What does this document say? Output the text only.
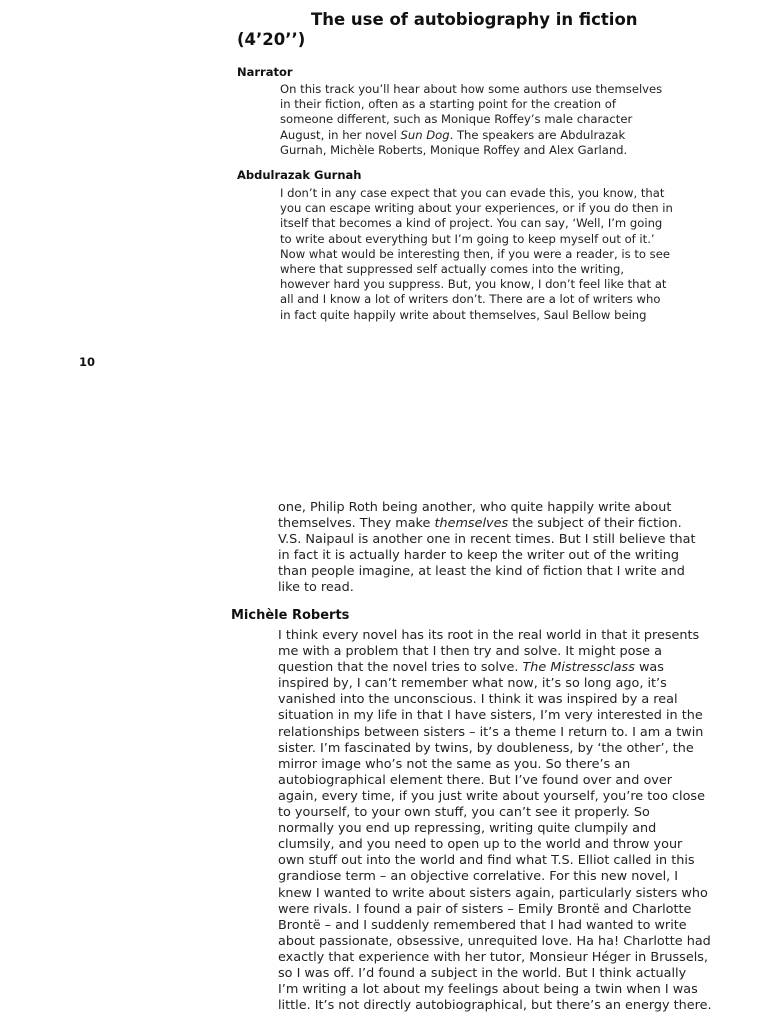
The use of autobiography in fiction
(4’20’’)
Narrator

On this track you’ll hear about how some authors use themselves
in their fiction, often as a starting point for the creation of
someone different, such as Monique Roffey’s male character
August, in her novel Sun Dog. The speakers are Abdulrazak
Gurnah, Michèle Roberts, Monique Roffey and Alex Garland.

Abdulrazak Gurnah

I don’t in any case expect that you can evade this, you know, that
you can escape writing about your experiences, or if you do then in
itself that becomes a kind of project. You can say, ‘Well, I’m going
to write about everything but I’m going to keep myself out of it.’
Now what would be interesting then, if you were a reader, is to see
where that suppressed self actually comes into the writing,
however hard you suppress. But, you know, I don’t feel like that at
all and I know a lot of writers don’t. There are a lot of writers who
in fact quite happily write about themselves, Saul Bellow being

10

one, Philip Roth being another, who quite happily write about
themselves. They make themselves the subject of their fiction.
V.S. Naipaul is another one in recent times. But I still believe that
in fact it is actually harder to keep the writer out of the writing
than people imagine, at least the kind of fiction that I write and
like to read.

Michèle Roberts

I think every novel has its root in the real world in that it presents
me with a problem that I then try and solve. It might pose a
question that the novel tries to solve. The Mistressclass was
inspired by, I can’t remember what now, it’s so long ago, it’s
vanished into the unconscious. I think it was inspired by a real
situation in my life in that I have sisters, I’m very interested in the
relationships between sisters – it’s a theme I return to. I am a twin
sister. I’m fascinated by twins, by doubleness, by ‘the other’, the
mirror image who’s not the same as you. So there’s an
autobiographical element there. But I’ve found over and over
again, every time, if you just write about yourself, you’re too close
to yourself, to your own stuff, you can’t see it properly. So
normally you end up repressing, writing quite clumpily and
clumsily, and you need to open up to the world and throw your
own stuff out into the world and find what T.S. Elliot called in this
grandiose term – an objective correlative. For this new novel, I
knew I wanted to write about sisters again, particularly sisters who
were rivals. I found a pair of sisters – Emily Brontë and Charlotte
Brontë – and I suddenly remembered that I had wanted to write
about passionate, obsessive, unrequited love. Ha ha! Charlotte had
exactly that experience with her tutor, Monsieur Héger in Brussels,
so I was off. I’d found a subject in the world. But I think actually
I’m writing a lot about my feelings about being a twin when I was
little. It’s not directly autobiographical, but there’s an energy there.
